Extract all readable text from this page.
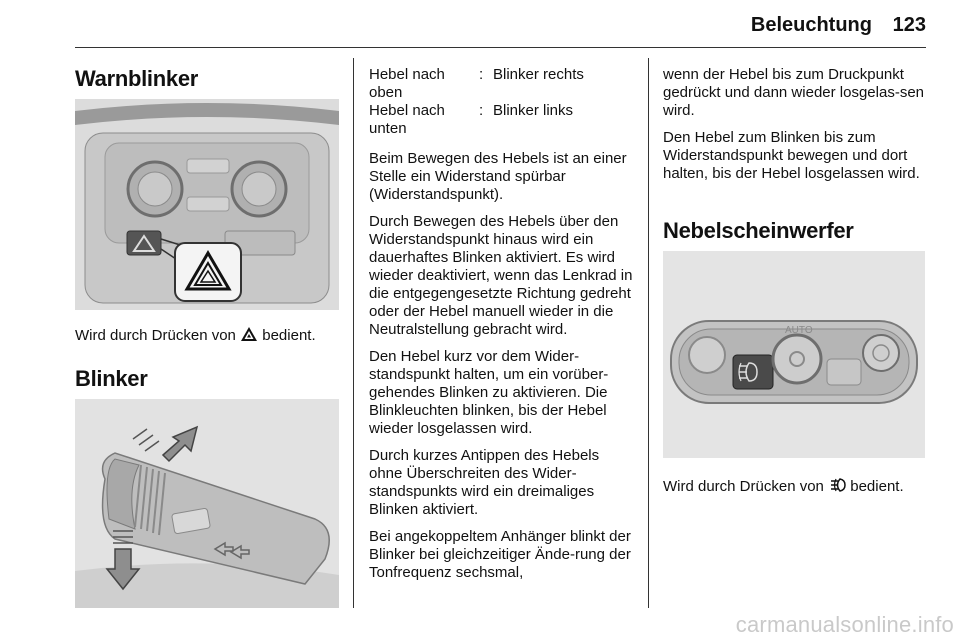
Beleuchtung 123
Warnblinker
Wird durch Drücken von bedient.
Blinker
Hebel nach oben
: Blinker rechts
Hebel nach unten
: Blinker links

Beim Bewegen des Hebels ist an einer Stelle ein Widerstand spürbar (Widerstandspunkt).

Durch Bewegen des Hebels über den Widerstandspunkt hinaus wird ein dauerhaftes Blinken aktiviert. Es wird wieder deaktiviert, wenn das Lenkrad in die entgegengesetzte Richtung gedreht oder der Hebel manuell wieder in die Neutralstellung gebracht wird.

Den Hebel kurz vor dem Wider-standspunkt halten, um ein vorüber-gehendes Blinken zu aktivieren. Die Blinkleuchten blinken, bis der Hebel wieder losgelassen wird.

Durch kurzes Antippen des Hebels ohne Überschreiten des Wider-standspunkts wird ein dreimaliges Blinken aktiviert.

Bei angekoppeltem Anhänger blinkt der Blinker bei gleichzeitiger Ände-rung der Tonfrequenz sechsmal,

wenn der Hebel bis zum Druckpunkt gedrückt und dann wieder losgelas-sen wird.

Den Hebel zum Blinken bis zum Widerstandspunkt bewegen und dort halten, bis der Hebel losgelassen wird.

Nebelscheinwerfer
AUTO
Wird durch Drücken von bedient.
carmanualsonline.info
